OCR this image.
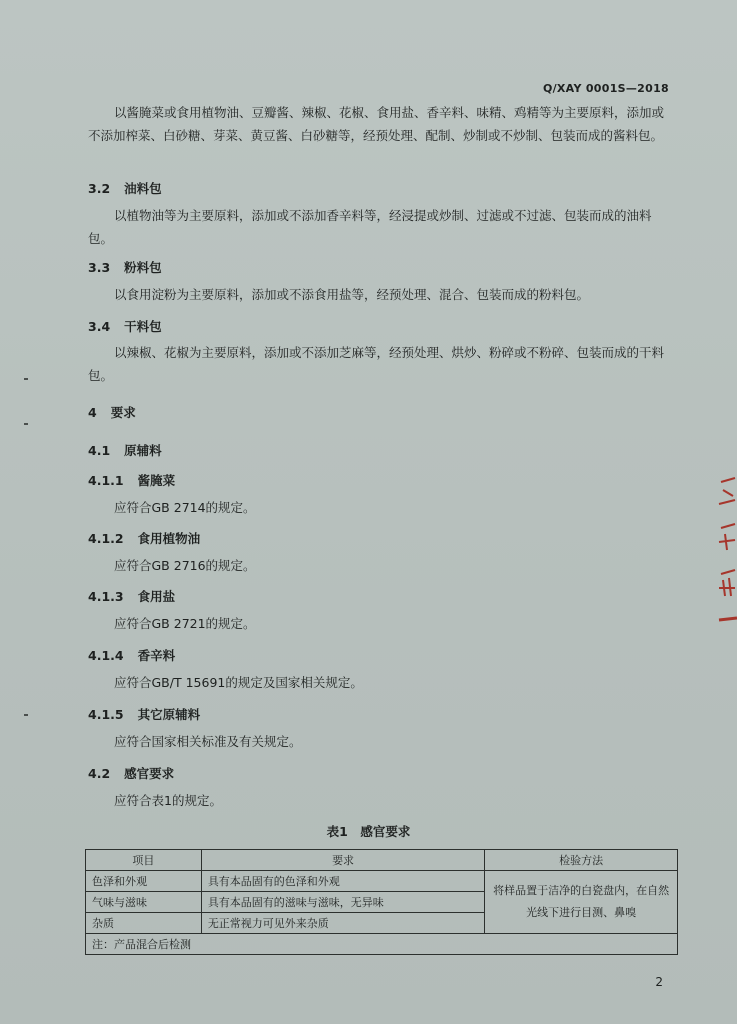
Q/XAY 0001S—2018
以酱腌菜或食用植物油、豆瓣酱、辣椒、花椒、食用盐、香辛料、味精、鸡精等为主要原料，添加或不添加榨菜、白砂糖、芽菜、黄豆酱、白砂糖等，经预处理、配制、炒制或不炒制、包装而成的酱料包。
3.2 油料包
以植物油等为主要原料，添加或不添加香辛料等，经浸提或炒制、过滤或不过滤、包装而成的油料包。
3.3 粉料包
以食用淀粉为主要原料，添加或不添食用盐等，经预处理、混合、包装而成的粉料包。
3.4 干料包
以辣椒、花椒为主要原料，添加或不添加芝麻等，经预处理、烘炒、粉碎或不粉碎、包装而成的干料包。
4 要求
4.1 原辅料
4.1.1 酱腌菜
应符合GB 2714的规定。
4.1.2 食用植物油
应符合GB 2716的规定。
4.1.3 食用盐
应符合GB 2721的规定。
4.1.4 香辛料
应符合GB/T 15691的规定及国家相关规定。
4.1.5 其它原辅料
应符合国家相关标准及有关规定。
4.2 感官要求
应符合表1的规定。
表1　感官要求
项目	要求	检验方法
色泽和外观	具有本品固有的色泽和外观	将样品置于洁净的白瓷盘内，在自然光线下进行目测、鼻嗅
气味与滋味	具有本品固有的滋味与滋味，无异味	
杂质	无正常视力可见外来杂质	
注：产品混合后检测		
2
